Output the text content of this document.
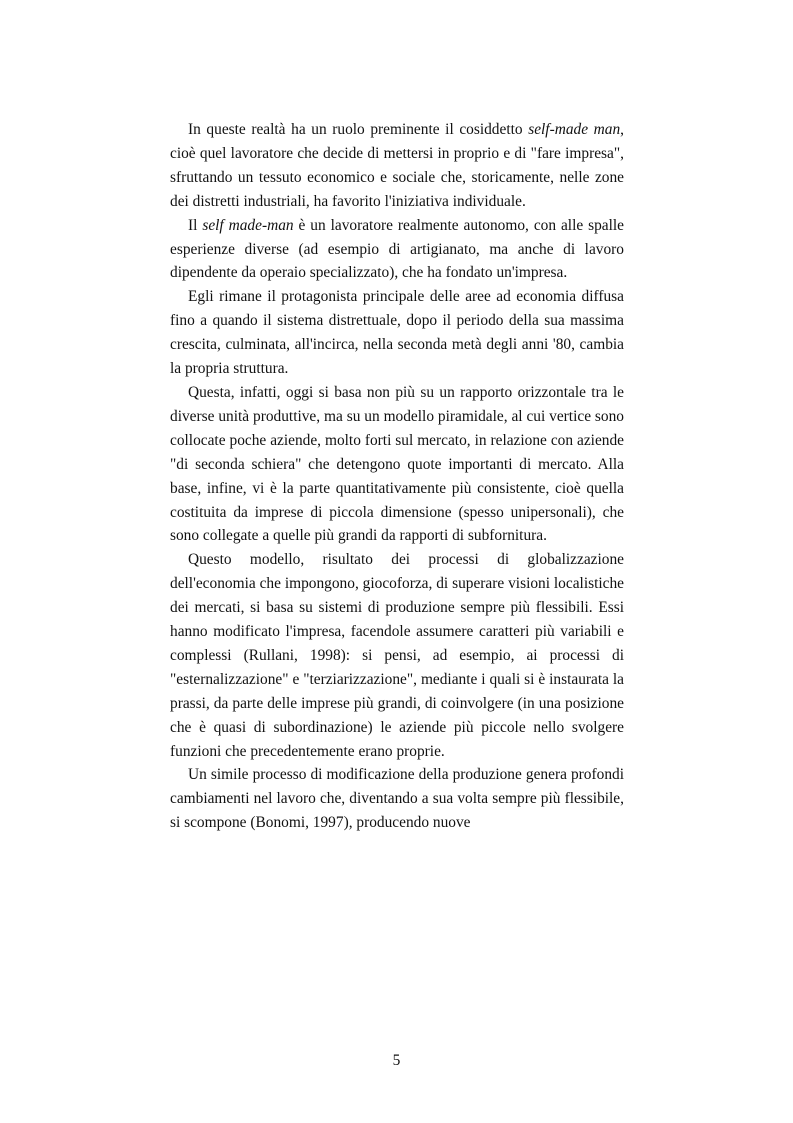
In queste realtà ha un ruolo preminente il cosiddetto self-made man, cioè quel lavoratore che decide di mettersi in proprio e di "fare impresa", sfruttando un tessuto economico e sociale che, storicamente, nelle zone dei distretti industriali, ha favorito l'iniziativa individuale.

Il self made-man è un lavoratore realmente autonomo, con alle spalle esperienze diverse (ad esempio di artigianato, ma anche di lavoro dipendente da operaio specializzato), che ha fondato un'impresa.

Egli rimane il protagonista principale delle aree ad economia diffusa fino a quando il sistema distrettuale, dopo il periodo della sua massima crescita, culminata, all'incirca, nella seconda metà degli anni '80, cambia la propria struttura.

Questa, infatti, oggi si basa non più su un rapporto orizzontale tra le diverse unità produttive, ma su un modello piramidale, al cui vertice sono collocate poche aziende, molto forti sul mercato, in relazione con aziende "di seconda schiera" che detengono quote importanti di mercato. Alla base, infine, vi è la parte quantitativamente più consistente, cioè quella costituita da imprese di piccola dimensione (spesso unipersonali), che sono collegate a quelle più grandi da rapporti di subfornitura.

Questo modello, risultato dei processi di globalizzazione dell'economia che impongono, giocoforza, di superare visioni localistiche dei mercati, si basa su sistemi di produzione sempre più flessibili. Essi hanno modificato l'impresa, facendole assumere caratteri più variabili e complessi (Rullani, 1998): si pensi, ad esempio, ai processi di "esternalizzazione" e "terziarizzazione", mediante i quali si è instaurata la prassi, da parte delle imprese più grandi, di coinvolgere (in una posizione che è quasi di subordinazione) le aziende più piccole nello svolgere funzioni che precedentemente erano proprie.

Un simile processo di modificazione della produzione genera profondi cambiamenti nel lavoro che, diventando a sua volta sempre più flessibile, si scompone (Bonomi, 1997), producendo nuove

5
